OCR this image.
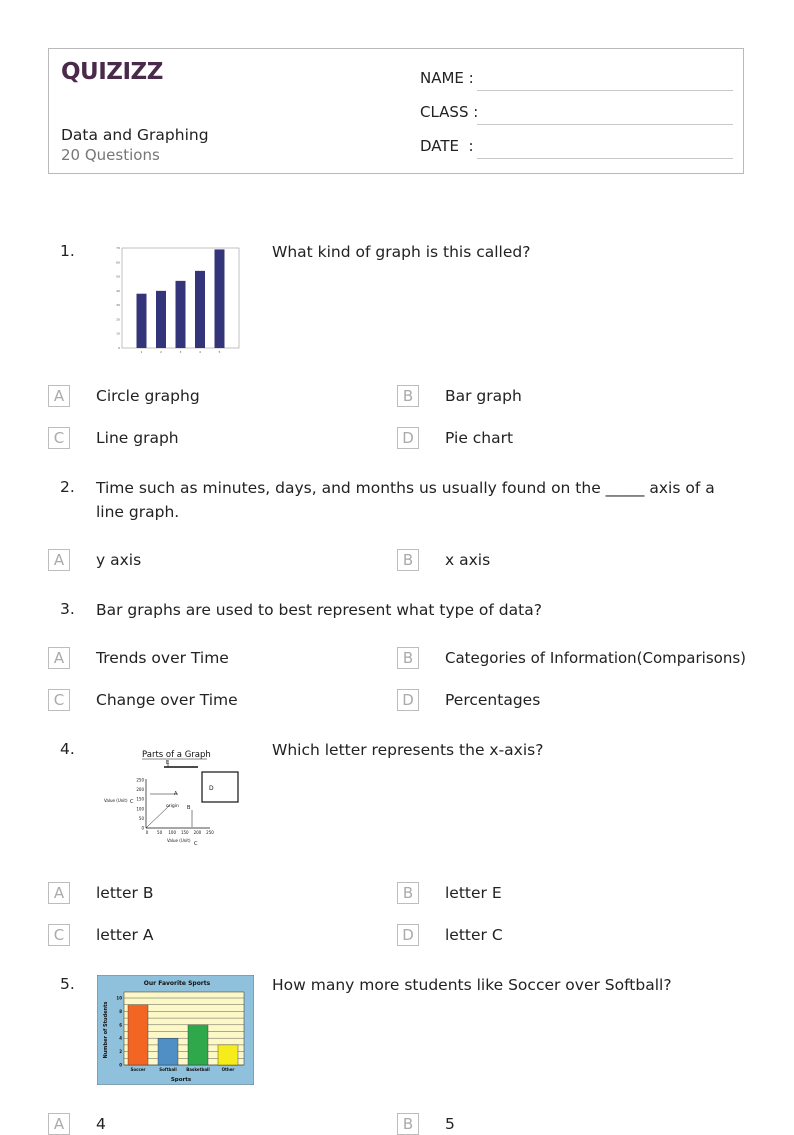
QUIZIZZ
Data and Graphing
20 Questions
NAME :
CLASS :
DATE  :
1.
0
10
20
30
40
50
60
70
1	2	3	4	5
What kind of graph is this called?
A	Circle graphg	B	Bar graph
C	Line graph	D	Pie chart
2. Time such as minutes, days, and months us usually found on the _____ axis of a line graph.
A	y axis	B	x axis
3. Bar graphs are used to best represent what type of data?
A	Trends over Time	B	Categories of Information(Comparisons)
C	Change over Time	D	Percentages
4.	Parts of a Graph
E
D
origin
A
B
C
Value (Unit)
Value (Unit)
C
0
50
100
150
200
250
0 50 100 150 200 250
Which letter represents the x-axis?
A	letter B	B	letter E
C	letter A	D	letter C
5.	Our Favorite Sports
0
2
4
6
8
10
Soccer	Softball Basketball	Other
Number of Students
Sports
How many more students like Soccer over Softball?
A	4	B	5
